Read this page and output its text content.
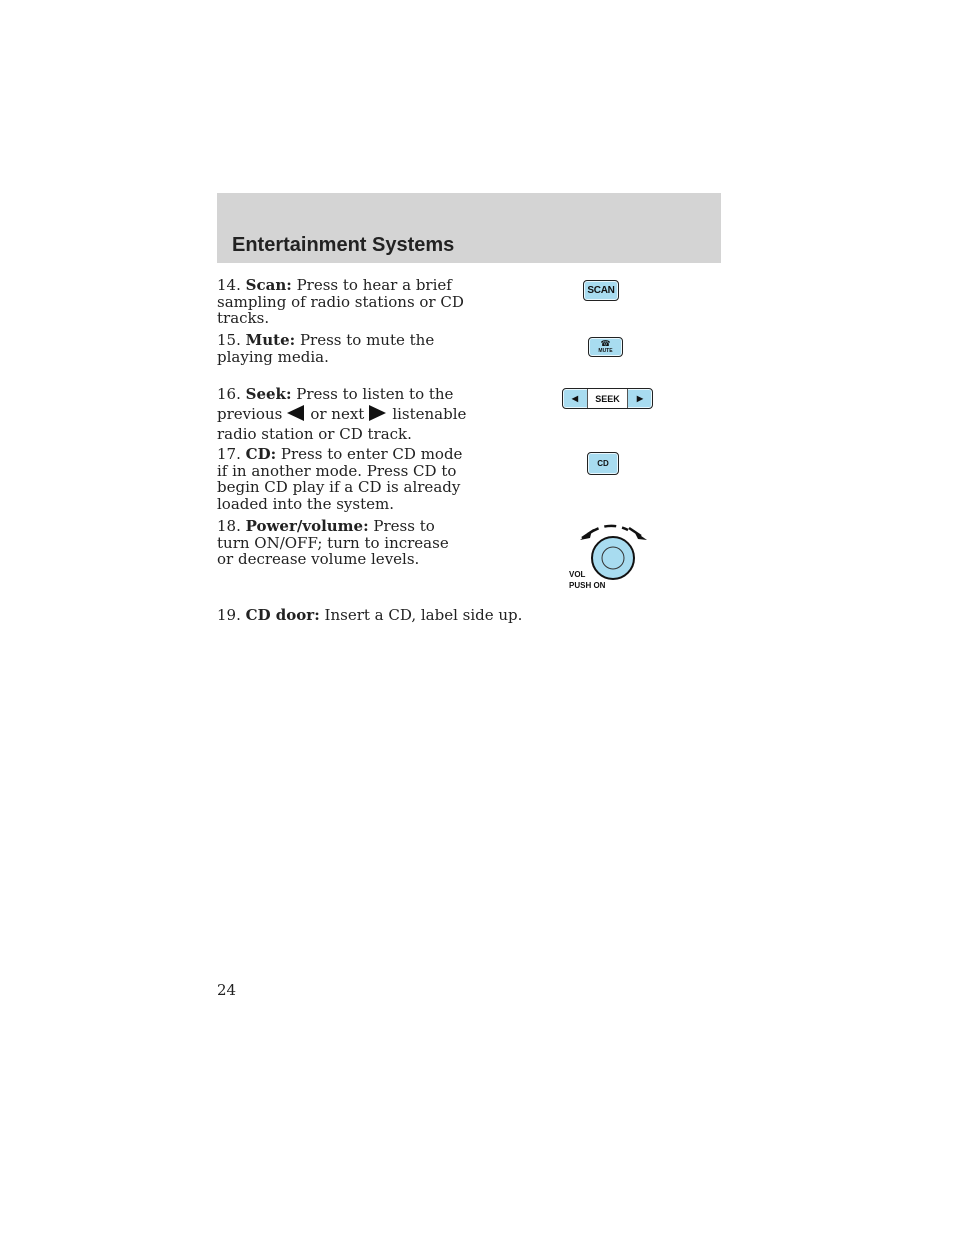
Entertainment Systems
14. Scan: Press to hear a brief sampling of radio stations or CD tracks.
15. Mute: Press to mute the playing media.
16. Seek: Press to listen to the previous or next listenable radio station or CD track.
17. CD: Press to enter CD mode if in another mode. Press CD to begin CD play if a CD is already loaded into the system.
18. Power/volume: Press to turn ON/OFF; turn to increase or decrease volume levels.
19. CD door: Insert a CD, label side up.
SCAN
☎
MUTE
◀	SEEK	▶
CD
VOL
PUSH ON
24
